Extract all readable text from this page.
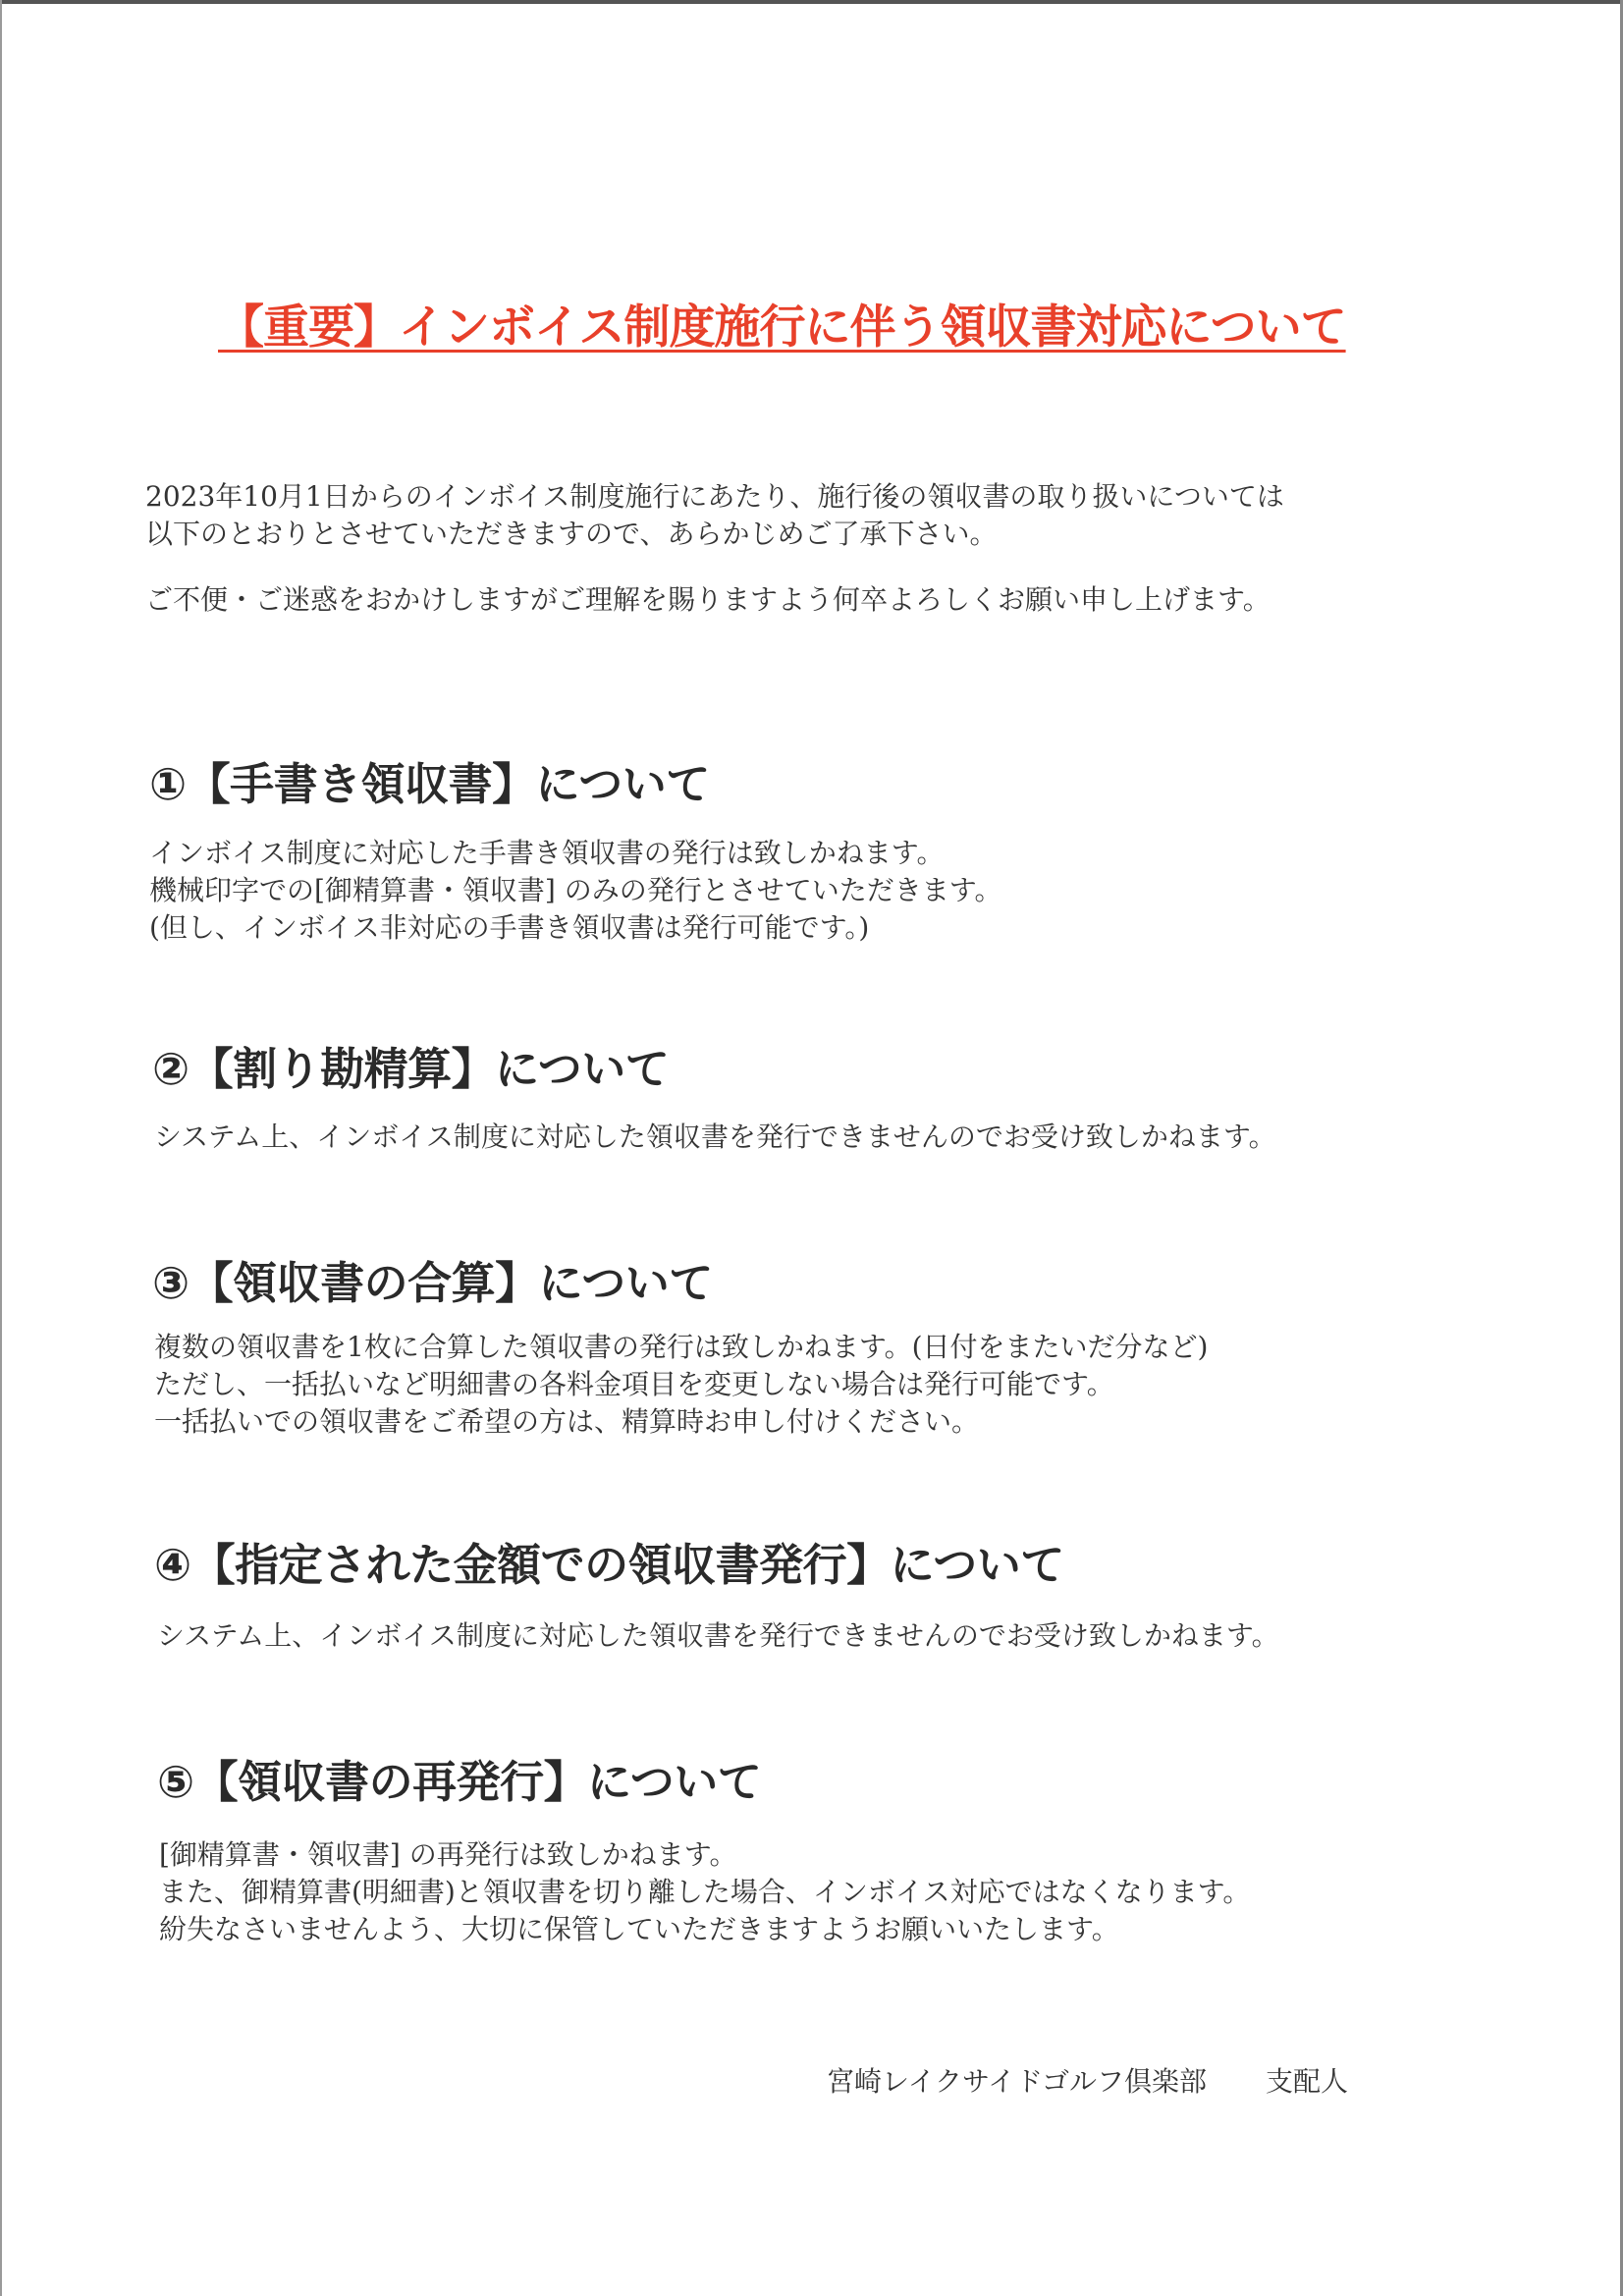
【重要】インボイス制度施行に伴う領収書対応について
2023年10月1日からのインボイス制度施行にあたり、施行後の領収書の取り扱いについては
以下のとおりとさせていただきますので、あらかじめご了承下さい。
ご不便・ご迷惑をおかけしますがご理解を賜りますよう何卒よろしくお願い申し上げます。
①【手書き領収書】について
インボイス制度に対応した手書き領収書の発行は致しかねます。
機械印字での[御精算書・領収書] のみの発行とさせていただきます。
(但し、インボイス非対応の手書き領収書は発行可能です。)
②【割り勘精算】について
システム上、インボイス制度に対応した領収書を発行できませんのでお受け致しかねます。
③【領収書の合算】について
複数の領収書を1枚に合算した領収書の発行は致しかねます。(日付をまたいだ分など)
ただし、一括払いなど明細書の各料金項目を変更しない場合は発行可能です。
一括払いでの領収書をご希望の方は、精算時お申し付けください。
④【指定された金額での領収書発行】について
システム上、インボイス制度に対応した領収書を発行できませんのでお受け致しかねます。
⑤【領収書の再発行】について
[御精算書・領収書] の再発行は致しかねます。
また、御精算書(明細書)と領収書を切り離した場合、インボイス対応ではなくなります。
紛失なさいませんよう、大切に保管していただきますようお願いいたします。
宮崎レイクサイドゴルフ倶楽部 支配人
